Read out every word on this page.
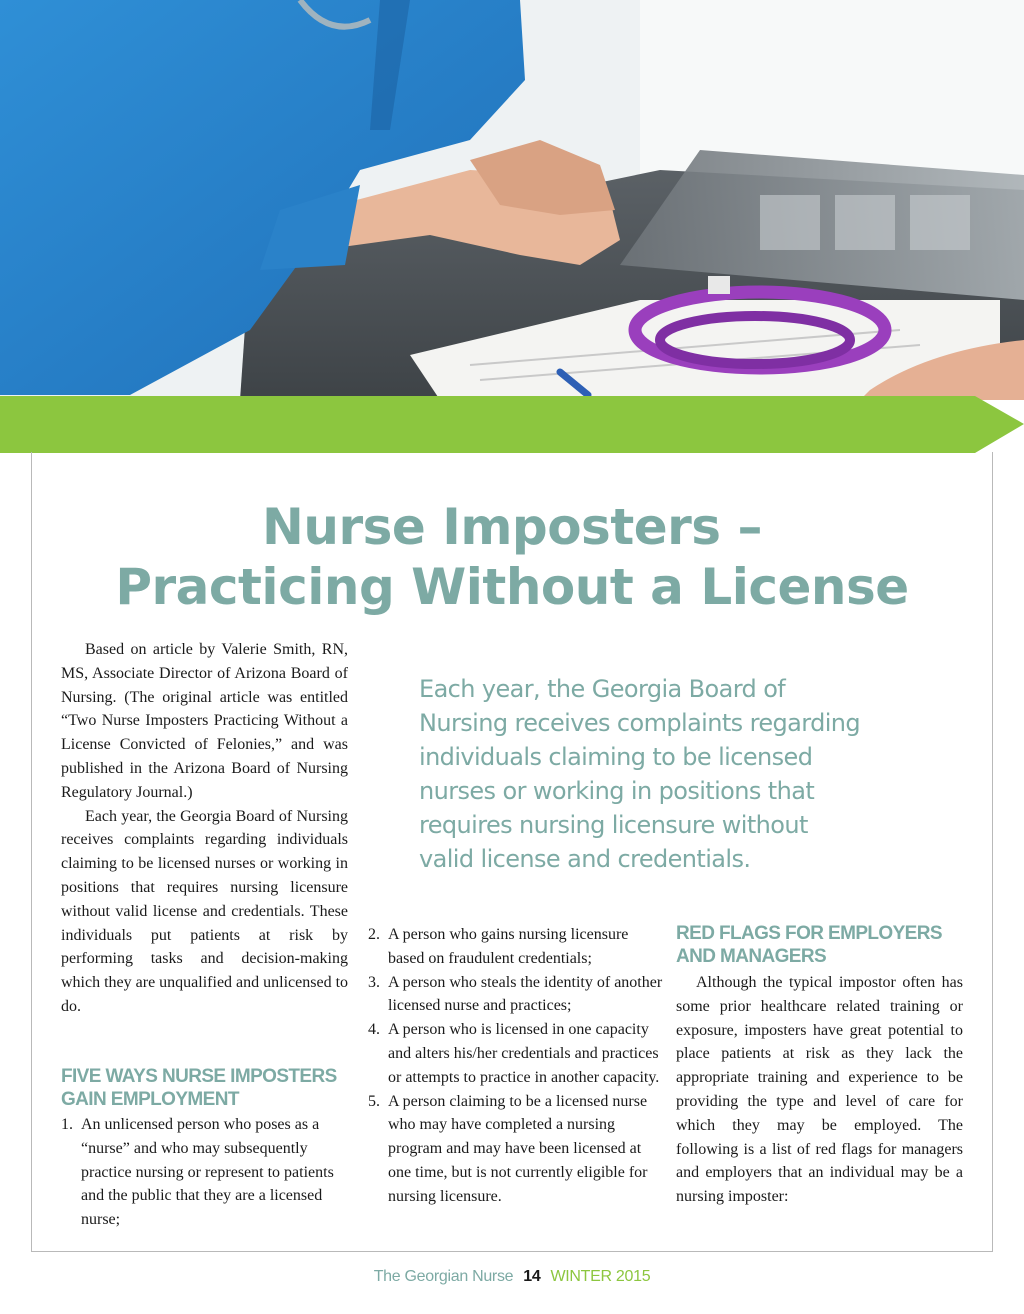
Nurse Imposters –
Practicing Without a License

Based on article by Valerie Smith, RN, MS, Associate Director of Arizona Board of Nursing. (The original article was entitled “Two Nurse Imposters Practicing Without a License Convicted of Felonies,” and was published in the Arizona Board of Nursing Regulatory Journal.)

Each year, the Georgia Board of Nursing receives complaints regarding individuals claiming to be licensed nurses or working in positions that requires nursing licensure without valid license and credentials. These individuals put patients at risk by performing tasks and decision-making which they are unqualified and unlicensed to do.

Each year, the Georgia Board of
Nursing receives complaints regarding
individuals claiming to be licensed
nurses or working in positions that
requires nursing licensure without
valid license and credentials.
FIVE WAYS NURSE IMPOSTERS GAIN EMPLOYMENT
1. An unlicensed person who poses as a “nurse” and who may subsequently practice nursing or represent to patients and the public that they are a licensed nurse;
2. A person who gains nursing licensure based on fraudulent credentials;
3. A person who steals the identity of another licensed nurse and practices;
4. A person who is licensed in one capacity and alters his/her credentials and practices or attempts to practice in another capacity.
5. A person claiming to be a licensed nurse who may have completed a nursing program and may have been licensed at one time, but is not currently eligible for nursing licensure.
RED FLAGS FOR EMPLOYERS AND MANAGERS

Although the typical impostor often has some prior healthcare related training or exposure, imposters have great potential to place patients at risk as they lack the appropriate training and experience to be providing the type and level of care for which they may be employed. The following is a list of red flags for managers and employers that an individual may be a nursing imposter:

The Georgian Nurse 14 WINTER 2015
